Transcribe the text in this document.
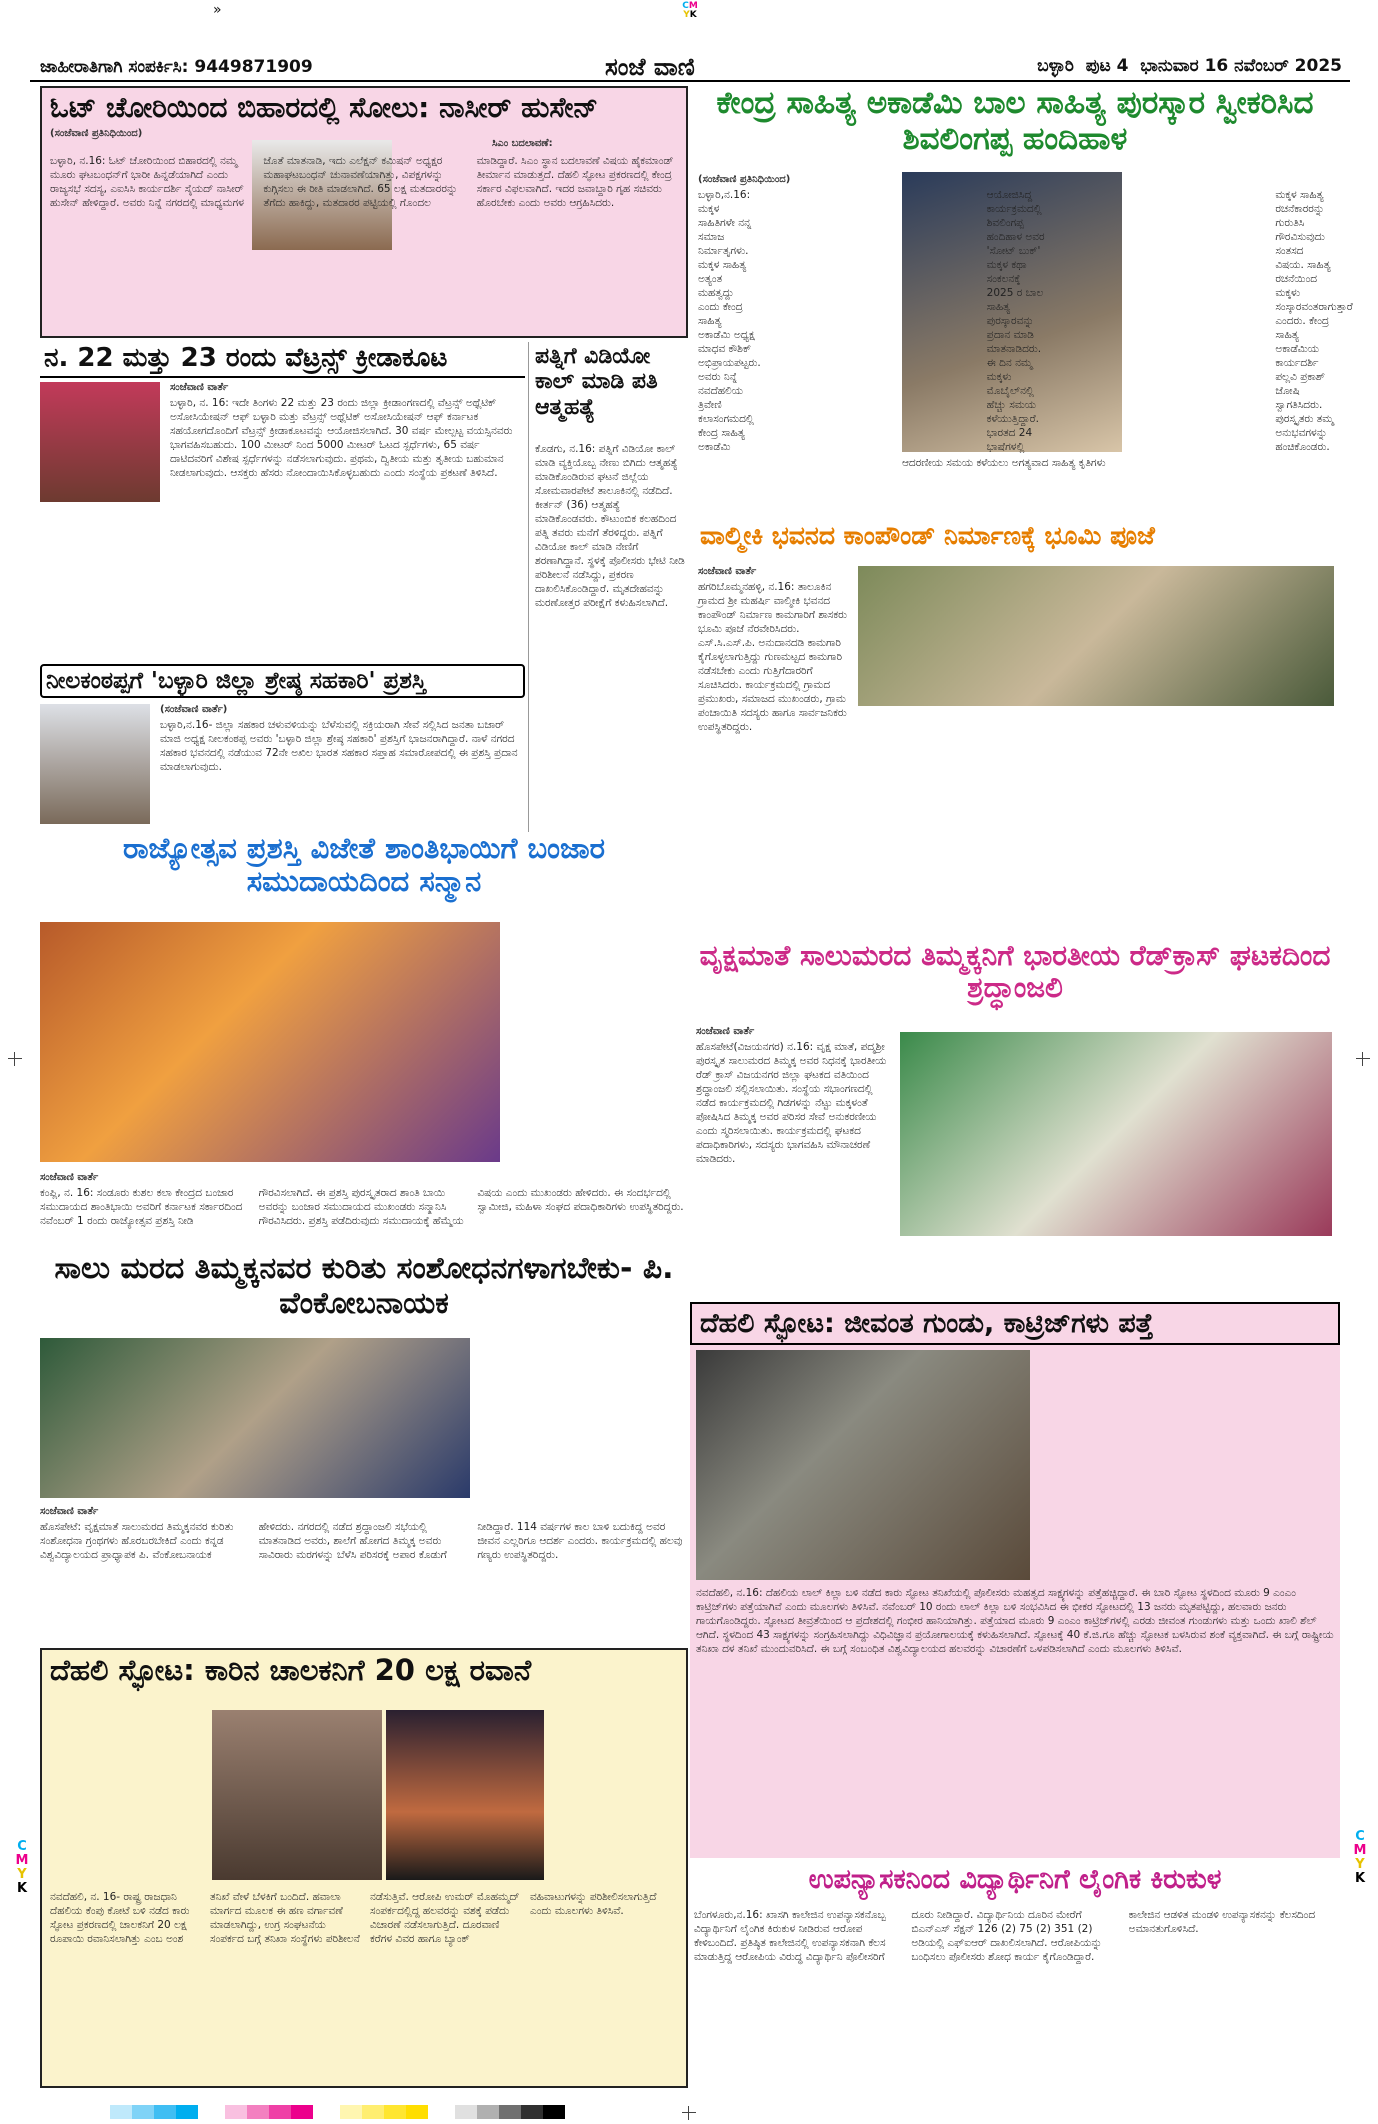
»	CM
YK
ಜಾಹೀರಾತಿಗಾಗಿ ಸಂಪರ್ಕಿಸಿ: 9449871909	ಸಂಜೆ ವಾಣಿ	ಬಳ್ಳಾರಿ ಪುಟ 4 ಭಾನುವಾರ 16 ನವೆಂಬರ್ 2025
ಓಟ್ ಚೋರಿಯಿಂದ ಬಿಹಾರದಲ್ಲಿ ಸೋಲು: ನಾಸೀರ್ ಹುಸೇನ್
(ಸಂಜೆವಾಣಿ ಪ್ರತಿನಿಧಿಯಿಂದ)
ಸಿಎಂ ಬದಲಾವಣೆ:
ಬಳ್ಳಾರಿ, ನ.16: ಓಟ್ ಚೋರಿಯಿಂದ ಬಿಹಾರದಲ್ಲಿ ನಮ್ಮ ಮೂರು ಘಟಬಂಧನ್‌ಗೆ ಭಾರೀ ಹಿನ್ನಡೆಯಾಗಿದೆ ಎಂದು ರಾಜ್ಯಸಭೆ ಸದಸ್ಯ, ಎಐಸಿಸಿ ಕಾರ್ಯದರ್ಶಿ ಸೈಯದ್ ನಾಸೀರ್ ಹುಸೇನ್ ಹೇಳಿದ್ದಾರೆ. ಅವರು ನಿನ್ನೆ ನಗರದಲ್ಲಿ ಮಾಧ್ಯಮಗಳ ಜೊತೆ ಮಾತನಾಡಿ, ಇದು ಎಲೆಕ್ಷನ್ ಕಮಿಷನ್ ಅಧ್ಯಕ್ಷರ ಮಹಾಘಟಬಂಧನ್ ಚುನಾವಣೆಯಾಗಿತ್ತು, ವಿಪಕ್ಷಗಳನ್ನು ಕುಗ್ಗಿಸಲು ಈ ರೀತಿ ಮಾಡಲಾಗಿದೆ. 65 ಲಕ್ಷ ಮತದಾರರನ್ನು ತೆಗೆದು ಹಾಕಿದ್ದು, ಮತದಾರರ ಪಟ್ಟಿಯಲ್ಲಿ ಗೊಂದಲ ಮಾಡಿದ್ದಾರೆ. ಸಿಎಂ ಸ್ಥಾನ ಬದಲಾವಣೆ ವಿಷಯ ಹೈಕಮಾಂಡ್ ತೀರ್ಮಾನ ಮಾಡುತ್ತದೆ. ದೆಹಲಿ ಸ್ಫೋಟ ಪ್ರಕರಣದಲ್ಲಿ ಕೇಂದ್ರ ಸರ್ಕಾರ ವಿಫಲವಾಗಿದೆ. ಇದರ ಜವಾಬ್ದಾರಿ ಗೃಹ ಸಚಿವರು ಹೊರಬೇಕು ಎಂದು ಅವರು ಆಗ್ರಹಿಸಿದರು.
ಕೇಂದ್ರ ಸಾಹಿತ್ಯ ಅಕಾಡೆಮಿ ಬಾಲ ಸಾಹಿತ್ಯ ಪುರಸ್ಕಾರ ಸ್ವೀಕರಿಸಿದ ಶಿವಲಿಂಗಪ್ಪ ಹಂದಿಹಾಳ
(ಸಂಜೆವಾಣಿ ಪ್ರತಿನಿಧಿಯಿಂದ)
ಆದರಣೀಯ ಸಮಯ ಕಳೆಯಲು ಅಗತ್ಯವಾದ ಸಾಹಿತ್ಯ ಕೃತಿಗಳು
ಬಳ್ಳಾರಿ,ನ.16: ಮಕ್ಕಳ ಸಾಹಿತಿಗಳೇ ನನ್ನ ಸಮಾಜ ನಿರ್ಮಾತೃಗಳು. ಮಕ್ಕಳ ಸಾಹಿತ್ಯ ಅತ್ಯಂತ ಮಹತ್ವದ್ದು ಎಂದು ಕೇಂದ್ರ ಸಾಹಿತ್ಯ ಅಕಾಡೆಮಿ ಅಧ್ಯಕ್ಷ ಮಾಧವ ಕೌಶಿಕ್ ಅಭಿಪ್ರಾಯಪಟ್ಟರು. ಅವರು ನಿನ್ನೆ ನವದೆಹಲಿಯ ತ್ರಿವೇಣಿ ಕಲಾಸಂಗಮದಲ್ಲಿ ಕೇಂದ್ರ ಸಾಹಿತ್ಯ ಅಕಾಡೆಮಿ ಆಯೋಜಿಸಿದ್ದ ಕಾರ್ಯಕ್ರಮದಲ್ಲಿ ಶಿವಲಿಂಗಪ್ಪ ಹಂದಿಹಾಳ ಅವರ 'ಸೋಟ್ ಬುಕ್' ಮಕ್ಕಳ ಕಥಾ ಸಂಕಲನಕ್ಕೆ 2025 ರ ಬಾಲ ಸಾಹಿತ್ಯ ಪುರಸ್ಕಾರವನ್ನು ಪ್ರದಾನ ಮಾಡಿ ಮಾತನಾಡಿದರು. ಈ ದಿನ ನಮ್ಮ ಮಕ್ಕಳು ಮೊಬೈಲ್‌ನಲ್ಲಿ ಹೆಚ್ಚು ಸಮಯ ಕಳೆಯುತ್ತಿದ್ದಾರೆ. ಭಾರತದ 24 ಭಾಷೆಗಳಲ್ಲಿ ಮಕ್ಕಳ ಸಾಹಿತ್ಯ ರಚನೆಕಾರರನ್ನು ಗುರುತಿಸಿ ಗೌರವಿಸುವುದು ಸಂತಸದ ವಿಷಯ. ಸಾಹಿತ್ಯ ರಚನೆಯಿಂದ ಮಕ್ಕಳು ಸಂಸ್ಕಾರವಂತರಾಗುತ್ತಾರೆ ಎಂದರು. ಕೇಂದ್ರ ಸಾಹಿತ್ಯ ಅಕಾಡೆಮಿಯ ಕಾರ್ಯದರ್ಶಿ ಪಲ್ಲವಿ ಪ್ರಕಾಶ್ ಜೋಷಿ ಸ್ವಾಗತಿಸಿದರು. ಪುರಸ್ಕೃತರು ತಮ್ಮ ಅನುಭವಗಳನ್ನು ಹಂಚಿಕೊಂಡರು.
ನ. 22 ಮತ್ತು 23 ರಂದು ವೆಟ್ರನ್ಸ್ ಕ್ರೀಡಾಕೂಟ
ಸಂಜೆವಾಣಿ ವಾರ್ತೆ
ಬಳ್ಳಾರಿ, ನ. 16: ಇದೇ ತಿಂಗಳು 22 ಮತ್ತು 23 ರಂದು ಜಿಲ್ಲಾ ಕ್ರೀಡಾಂಗಣದಲ್ಲಿ ವೆಟ್ರನ್ಸ್ ಅಥ್ಲೆಟಿಕ್ ಅಸೋಸಿಯೇಷನ್ ಆಫ್ ಬಳ್ಳಾರಿ ಮತ್ತು ವೆಟ್ರನ್ಸ್ ಅಥ್ಲೆಟಿಕ್ ಅಸೋಸಿಯೇಷನ್ ಆಫ್ ಕರ್ನಾಟಕ ಸಹಯೋಗದೊಂದಿಗೆ ವೆಟ್ರನ್ಸ್ ಕ್ರೀಡಾಕೂಟವನ್ನು ಆಯೋಜಿಸಲಾಗಿದೆ. 30 ವರ್ಷ ಮೇಲ್ಪಟ್ಟ ವಯಸ್ಸಿನವರು ಭಾಗವಹಿಸಬಹುದು. 100 ಮೀಟರ್ ನಿಂದ 5000 ಮೀಟರ್ ಓಟದ ಸ್ಪರ್ಧೆಗಳು, 65 ವರ್ಷ ದಾಟಿದವರಿಗೆ ವಿಶೇಷ ಸ್ಪರ್ಧೆಗಳನ್ನು ನಡೆಸಲಾಗುವುದು. ಪ್ರಥಮ, ದ್ವಿತೀಯ ಮತ್ತು ತೃತೀಯ ಬಹುಮಾನ ನೀಡಲಾಗುವುದು. ಆಸಕ್ತರು ಹೆಸರು ನೋಂದಾಯಿಸಿಕೊಳ್ಳಬಹುದು ಎಂದು ಸಂಸ್ಥೆಯ ಪ್ರಕಟಣೆ ತಿಳಿಸಿದೆ.
ಪತ್ನಿಗೆ ವಿಡಿಯೋ ಕಾಲ್ ಮಾಡಿ ಪತಿ ಆತ್ಮಹತ್ಯೆ
ಕೊಡಗು, ನ.16: ಪತ್ನಿಗೆ ವಿಡಿಯೋ ಕಾಲ್ ಮಾಡಿ ವ್ಯಕ್ತಿಯೊಬ್ಬ ನೇಣು ಬಿಗಿದು ಆತ್ಮಹತ್ಯೆ ಮಾಡಿಕೊಂಡಿರುವ ಘಟನೆ ಜಿಲ್ಲೆಯ ಸೋಮವಾರಪೇಟೆ ತಾಲೂಕಿನಲ್ಲಿ ನಡೆದಿದೆ. ಕೀರ್ತನ್ (36) ಆತ್ಮಹತ್ಯೆ ಮಾಡಿಕೊಂಡವರು. ಕೌಟುಂಬಿಕ ಕಲಹದಿಂದ ಪತ್ನಿ ತವರು ಮನೆಗೆ ತೆರಳಿದ್ದರು. ಪತ್ನಿಗೆ ವಿಡಿಯೋ ಕಾಲ್ ಮಾಡಿ ನೇಣಿಗೆ ಶರಣಾಗಿದ್ದಾನೆ. ಸ್ಥಳಕ್ಕೆ ಪೊಲೀಸರು ಭೇಟಿ ನೀಡಿ ಪರಿಶೀಲನೆ ನಡೆಸಿದ್ದು, ಪ್ರಕರಣ ದಾಖಲಿಸಿಕೊಂಡಿದ್ದಾರೆ. ಮೃತದೇಹವನ್ನು ಮರಣೋತ್ತರ ಪರೀಕ್ಷೆಗೆ ಕಳುಹಿಸಲಾಗಿದೆ.
ನೀಲಕಂಠಪ್ಪಗೆ 'ಬಳ್ಳಾರಿ ಜಿಲ್ಲಾ ಶ್ರೇಷ್ಠ ಸಹಕಾರಿ' ಪ್ರಶಸ್ತಿ
(ಸಂಜೆವಾಣಿ ವಾರ್ತೆ)
ಬಳ್ಳಾರಿ,ನ.16- ಜಿಲ್ಲಾ ಸಹಕಾರ ಚಳುವಳಿಯನ್ನು ಬೆಳೆಸುವಲ್ಲಿ ಸಕ್ರಿಯರಾಗಿ ಸೇವೆ ಸಲ್ಲಿಸಿದ ಜನತಾ ಬಜಾರ್ ಮಾಜಿ ಅಧ್ಯಕ್ಷ ನೀಲಕಂಠಪ್ಪ ಅವರು 'ಬಳ್ಳಾರಿ ಜಿಲ್ಲಾ ಶ್ರೇಷ್ಠ ಸಹಕಾರಿ' ಪ್ರಶಸ್ತಿಗೆ ಭಾಜನರಾಗಿದ್ದಾರೆ. ನಾಳೆ ನಗರದ ಸಹಕಾರ ಭವನದಲ್ಲಿ ನಡೆಯುವ 72ನೇ ಅಖಿಲ ಭಾರತ ಸಹಕಾರ ಸಪ್ತಾಹ ಸಮಾರೋಪದಲ್ಲಿ ಈ ಪ್ರಶಸ್ತಿ ಪ್ರದಾನ ಮಾಡಲಾಗುವುದು.
ವಾಲ್ಮೀಕಿ ಭವನದ ಕಾಂಪೌಂಡ್ ನಿರ್ಮಾಣಕ್ಕೆ ಭೂಮಿ ಪೂಜೆ
ಸಂಜೆವಾಣಿ ವಾರ್ತೆ
ಹಗರಿಬೊಮ್ಮನಹಳ್ಳಿ, ನ.16: ತಾಲೂಕಿನ ಗ್ರಾಮದ ಶ್ರೀ ಮಹರ್ಷಿ ವಾಲ್ಮೀಕಿ ಭವನದ ಕಾಂಪೌಂಡ್ ನಿರ್ಮಾಣ ಕಾಮಗಾರಿಗೆ ಶಾಸಕರು ಭೂಮಿ ಪೂಜೆ ನೆರವೇರಿಸಿದರು. ಎಸ್.ಸಿ.ಎಸ್.ಪಿ. ಅನುದಾನದಡಿ ಕಾಮಗಾರಿ ಕೈಗೊಳ್ಳಲಾಗುತ್ತಿದ್ದು ಗುಣಮಟ್ಟದ ಕಾಮಗಾರಿ ನಡೆಸಬೇಕು ಎಂದು ಗುತ್ತಿಗೆದಾರರಿಗೆ ಸೂಚಿಸಿದರು. ಕಾರ್ಯಕ್ರಮದಲ್ಲಿ ಗ್ರಾಮದ ಪ್ರಮುಖರು, ಸಮಾಜದ ಮುಖಂಡರು, ಗ್ರಾಮ ಪಂಚಾಯಿತಿ ಸದಸ್ಯರು ಹಾಗೂ ಸಾರ್ವಜನಿಕರು ಉಪಸ್ಥಿತರಿದ್ದರು.
ರಾಜ್ಯೋತ್ಸವ ಪ್ರಶಸ್ತಿ ವಿಜೇತೆ ಶಾಂತಿಭಾಯಿಗೆ ಬಂಜಾರ ಸಮುದಾಯದಿಂದ ಸನ್ಮಾನ
ಸಂಜೆವಾಣಿ ವಾರ್ತೆ
ಕಂಪ್ಲಿ, ನ. 16: ಸಂಡೂರು ಕುಶಲ ಕಲಾ ಕೇಂದ್ರದ ಬಂಜಾರ ಸಮುದಾಯದ ಶಾಂತಿಭಾಯಿ ಅವರಿಗೆ ಕರ್ನಾಟಕ ಸರ್ಕಾರದಿಂದ ನವೆಂಬರ್ 1 ರಂದು ರಾಜ್ಯೋತ್ಸವ ಪ್ರಶಸ್ತಿ ನೀಡಿ ಗೌರವಿಸಲಾಗಿದೆ. ಈ ಪ್ರಶಸ್ತಿ ಪುರಸ್ಕೃತರಾದ ಶಾಂತಿ ಬಾಯಿ ಅವರನ್ನು ಬಂಜಾರ ಸಮುದಾಯದ ಮುಖಂಡರು ಸನ್ಮಾನಿಸಿ ಗೌರವಿಸಿದರು. ಪ್ರಶಸ್ತಿ ಪಡೆದಿರುವುದು ಸಮುದಾಯಕ್ಕೆ ಹೆಮ್ಮೆಯ ವಿಷಯ ಎಂದು ಮುಖಂಡರು ಹೇಳಿದರು. ಈ ಸಂದರ್ಭದಲ್ಲಿ ಸ್ವಾಮೀಜಿ, ಮಹಿಳಾ ಸಂಘದ ಪದಾಧಿಕಾರಿಗಳು ಉಪಸ್ಥಿತರಿದ್ದರು.
ವೃಕ್ಷಮಾತೆ ಸಾಲುಮರದ ತಿಮ್ಮಕ್ಕನಿಗೆ ಭಾರತೀಯ ರೆಡ್‌ಕ್ರಾಸ್ ಘಟಕದಿಂದ ಶ್ರದ್ಧಾಂಜಲಿ
ಸಂಜೆವಾಣಿ ವಾರ್ತೆ
ಹೊಸಪೇಟೆ(ವಿಜಯನಗರ) ನ.16: ವೃಕ್ಷ ಮಾತೆ, ಪದ್ಮಶ್ರೀ ಪುರಸ್ಕೃತ ಸಾಲುಮರದ ತಿಮ್ಮಕ್ಕ ಅವರ ನಿಧನಕ್ಕೆ ಭಾರತೀಯ ರೆಡ್ ಕ್ರಾಸ್ ವಿಜಯನಗರ ಜಿಲ್ಲಾ ಘಟಕದ ವತಿಯಿಂದ ಶ್ರದ್ಧಾಂಜಲಿ ಸಲ್ಲಿಸಲಾಯಿತು. ಸಂಸ್ಥೆಯ ಸಭಾಂಗಣದಲ್ಲಿ ನಡೆದ ಕಾರ್ಯಕ್ರಮದಲ್ಲಿ ಗಿಡಗಳನ್ನು ನೆಟ್ಟು ಮಕ್ಕಳಂತೆ ಪೋಷಿಸಿದ ತಿಮ್ಮಕ್ಕ ಅವರ ಪರಿಸರ ಸೇವೆ ಅನುಕರಣೀಯ ಎಂದು ಸ್ಮರಿಸಲಾಯಿತು. ಕಾರ್ಯಕ್ರಮದಲ್ಲಿ ಘಟಕದ ಪದಾಧಿಕಾರಿಗಳು, ಸದಸ್ಯರು ಭಾಗವಹಿಸಿ ಮೌನಾಚರಣೆ ಮಾಡಿದರು.
ಸಾಲು ಮರದ ತಿಮ್ಮಕ್ಕನವರ ಕುರಿತು ಸಂಶೋಧನಗಳಾಗಬೇಕು- ಪಿ. ವೆಂಕೋಬನಾಯಕ
ಸಂಜೆವಾಣಿ ವಾರ್ತೆ
ಹೊಸಪೇಟೆ: ವೃಕ್ಷಮಾತೆ ಸಾಲುಮರದ ತಿಮ್ಮಕ್ಕನವರ ಕುರಿತು ಸಂಶೋಧನಾ ಗ್ರಂಥಗಳು ಹೊರಬರಬೇಕಿದೆ ಎಂದು ಕನ್ನಡ ವಿಶ್ವವಿದ್ಯಾಲಯದ ಪ್ರಾಧ್ಯಾಪಕ ಪಿ. ವೆಂಕೋಬನಾಯಕ ಹೇಳಿದರು. ನಗರದಲ್ಲಿ ನಡೆದ ಶ್ರದ್ಧಾಂಜಲಿ ಸಭೆಯಲ್ಲಿ ಮಾತನಾಡಿದ ಅವರು, ಶಾಲೆಗೆ ಹೋಗದ ತಿಮ್ಮಕ್ಕ ಅವರು ಸಾವಿರಾರು ಮರಗಳನ್ನು ಬೆಳೆಸಿ ಪರಿಸರಕ್ಕೆ ಅಪಾರ ಕೊಡುಗೆ ನೀಡಿದ್ದಾರೆ. 114 ವರ್ಷಗಳ ಕಾಲ ಬಾಳಿ ಬದುಕಿದ್ದ ಅವರ ಜೀವನ ಎಲ್ಲರಿಗೂ ಆದರ್ಶ ಎಂದರು. ಕಾರ್ಯಕ್ರಮದಲ್ಲಿ ಹಲವು ಗಣ್ಯರು ಉಪಸ್ಥಿತರಿದ್ದರು.
ದೆಹಲಿ ಸ್ಫೋಟ: ಜೀವಂತ ಗುಂಡು, ಕಾಟ್ರಿಜ್‌ಗಳು ಪತ್ತೆ
ನವದೆಹಲಿ, ನ.16: ದೆಹಲಿಯ ಲಾಲ್ ಕಿಲ್ಲಾ ಬಳಿ ನಡೆದ ಕಾರು ಸ್ಫೋಟ ತನಿಖೆಯಲ್ಲಿ ಪೊಲೀಸರು ಮಹತ್ವದ ಸಾಕ್ಷ್ಯಗಳನ್ನು ಪತ್ತೆಹಚ್ಚಿದ್ದಾರೆ. ಈ ಬಾರಿ ಸ್ಫೋಟ ಸ್ಥಳದಿಂದ ಮೂರು 9 ಎಂಎಂ ಕಾಟ್ರಿಜ್‌ಗಳು ಪತ್ತೆಯಾಗಿವೆ ಎಂದು ಮೂಲಗಳು ತಿಳಿಸಿವೆ. ನವೆಂಬರ್ 10 ರಂದು ಲಾಲ್ ಕಿಲ್ಲಾ ಬಳಿ ಸಂಭವಿಸಿದ ಈ ಭೀಕರ ಸ್ಫೋಟದಲ್ಲಿ 13 ಜನರು ಮೃತಪಟ್ಟಿದ್ದು, ಹಲವಾರು ಜನರು ಗಾಯಗೊಂಡಿದ್ದರು. ಸ್ಫೋಟದ ತೀವ್ರತೆಯಿಂದ ಆ ಪ್ರದೇಶದಲ್ಲಿ ಗಂಭೀರ ಹಾನಿಯಾಗಿತ್ತು. ಪತ್ತೆಯಾದ ಮೂರು 9 ಎಂಎಂ ಕಾಟ್ರಿಜ್‌ಗಳಲ್ಲಿ ಎರಡು ಜೀವಂತ ಗುಂಡುಗಳು ಮತ್ತು ಒಂದು ಖಾಲಿ ಶೆಲ್ ಆಗಿದೆ. ಸ್ಥಳದಿಂದ 43 ಸಾಕ್ಷ್ಯಗಳನ್ನು ಸಂಗ್ರಹಿಸಲಾಗಿದ್ದು ವಿಧಿವಿಜ್ಞಾನ ಪ್ರಯೋಗಾಲಯಕ್ಕೆ ಕಳುಹಿಸಲಾಗಿದೆ. ಸ್ಫೋಟಕ್ಕೆ 40 ಕೆ.ಜಿ.ಗೂ ಹೆಚ್ಚು ಸ್ಫೋಟಕ ಬಳಸಿರುವ ಶಂಕೆ ವ್ಯಕ್ತವಾಗಿದೆ. ಈ ಬಗ್ಗೆ ರಾಷ್ಟ್ರೀಯ ತನಿಖಾ ದಳ ತನಿಖೆ ಮುಂದುವರಿಸಿದೆ. ಈ ಬಗ್ಗೆ ಸಂಬಂಧಿತ ವಿಶ್ವವಿದ್ಯಾಲಯದ ಹಲವರನ್ನು ವಿಚಾರಣೆಗೆ ಒಳಪಡಿಸಲಾಗಿದೆ ಎಂದು ಮೂಲಗಳು ತಿಳಿಸಿವೆ.
ದೆಹಲಿ ಸ್ಫೋಟ: ಕಾರಿನ ಚಾಲಕನಿಗೆ 20 ಲಕ್ಷ ರವಾನೆ
ನವದೆಹಲಿ, ನ. 16- ರಾಷ್ಟ್ರ ರಾಜಧಾನಿ ದೆಹಲಿಯ ಕೆಂಪು ಕೋಟೆ ಬಳಿ ನಡೆದ ಕಾರು ಸ್ಫೋಟ ಪ್ರಕರಣದಲ್ಲಿ ಚಾಲಕನಿಗೆ 20 ಲಕ್ಷ ರೂಪಾಯಿ ರವಾನಿಸಲಾಗಿತ್ತು ಎಂಬ ಅಂಶ ತನಿಖೆ ವೇಳೆ ಬೆಳಕಿಗೆ ಬಂದಿದೆ. ಹವಾಲಾ ಮಾರ್ಗದ ಮೂಲಕ ಈ ಹಣ ವರ್ಗಾವಣೆ ಮಾಡಲಾಗಿದ್ದು, ಉಗ್ರ ಸಂಘಟನೆಯ ಸಂಪರ್ಕದ ಬಗ್ಗೆ ತನಿಖಾ ಸಂಸ್ಥೆಗಳು ಪರಿಶೀಲನೆ ನಡೆಸುತ್ತಿವೆ. ಆರೋಪಿ ಉಮರ್ ಮೊಹಮ್ಮದ್ ಸಂಪರ್ಕದಲ್ಲಿದ್ದ ಹಲವರನ್ನು ವಶಕ್ಕೆ ಪಡೆದು ವಿಚಾರಣೆ ನಡೆಸಲಾಗುತ್ತಿದೆ. ದೂರವಾಣಿ ಕರೆಗಳ ವಿವರ ಹಾಗೂ ಬ್ಯಾಂಕ್ ವಹಿವಾಟುಗಳನ್ನು ಪರಿಶೀಲಿಸಲಾಗುತ್ತಿದೆ ಎಂದು ಮೂಲಗಳು ತಿಳಿಸಿವೆ.
ಉಪನ್ಯಾಸಕನಿಂದ ವಿದ್ಯಾರ್ಥಿನಿಗೆ ಲೈಂಗಿಕ ಕಿರುಕುಳ
ಬೆಂಗಳೂರು,ನ.16: ಖಾಸಗಿ ಕಾಲೇಜಿನ ಉಪನ್ಯಾಸಕನೊಬ್ಬ ವಿದ್ಯಾರ್ಥಿನಿಗೆ ಲೈಂಗಿಕ ಕಿರುಕುಳ ನೀಡಿರುವ ಆರೋಪ ಕೇಳಿಬಂದಿದೆ. ಪ್ರತಿಷ್ಠಿತ ಕಾಲೇಜಿನಲ್ಲಿ ಉಪನ್ಯಾಸಕನಾಗಿ ಕೆಲಸ ಮಾಡುತ್ತಿದ್ದ ಆರೋಪಿಯ ವಿರುದ್ಧ ವಿದ್ಯಾರ್ಥಿನಿ ಪೊಲೀಸರಿಗೆ ದೂರು ನೀಡಿದ್ದಾರೆ. ವಿದ್ಯಾರ್ಥಿನಿಯ ದೂರಿನ ಮೇರೆಗೆ ಬಿಎನ್‌ಎಸ್ ಸೆಕ್ಷನ್ 126 (2) 75 (2) 351 (2) ಅಡಿಯಲ್ಲಿ ಎಫ್‌ಐಆರ್ ದಾಖಲಿಸಲಾಗಿದೆ. ಆರೋಪಿಯನ್ನು ಬಂಧಿಸಲು ಪೊಲೀಸರು ಶೋಧ ಕಾರ್ಯ ಕೈಗೊಂಡಿದ್ದಾರೆ. ಕಾಲೇಜಿನ ಆಡಳಿತ ಮಂಡಳಿ ಉಪನ್ಯಾಸಕನನ್ನು ಕೆಲಸದಿಂದ ಅಮಾನತುಗೊಳಿಸಿದೆ.
C
M
Y
K
C
M
Y
K
